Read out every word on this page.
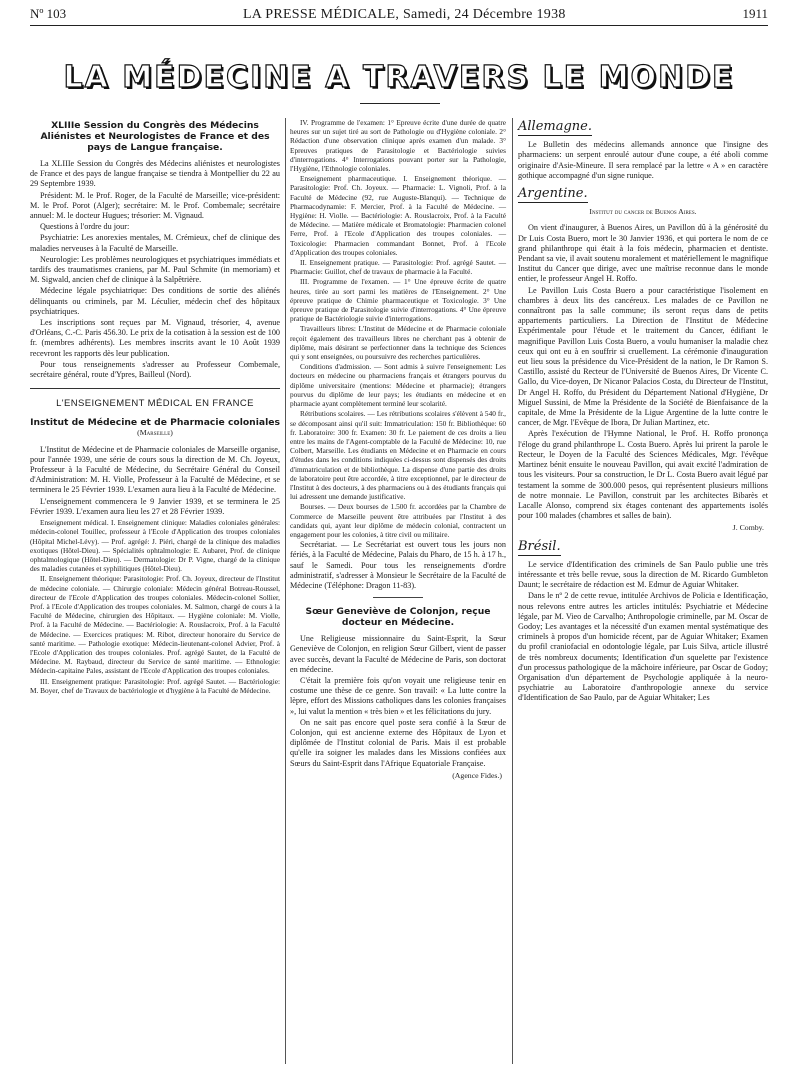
Nº 103	LA PRESSE MÉDICALE, Samedi, 24 Décembre 1938	1911
LA MÉDECINE A TRAVERS LE MONDE
XLIIIe Session du Congrès des Médecins Aliénistes et Neurologistes de France et des pays de Langue française.

La XLIIIe Session du Congrès des Médecins aliénistes et neurologistes de France et des pays de langue française se tiendra à Montpellier du 22 au 29 Septembre 1939.

Président: M. le Prof. Roger, de la Faculté de Marseille; vice-président: M. le Prof. Porot (Alger); secrétaire: M. le Prof. Combemale; secrétaire annuel: M. le docteur Hugues; trésorier: M. Vignaud.

Questions à l'ordre du jour:

Psychiatrie: Les anorexies mentales, M. Crémieux, chef de clinique des maladies nerveuses à la Faculté de Marseille.

Neurologie: Les problèmes neurologiques et psychiatriques immédiats et tardifs des traumatismes craniens, par M. Paul Schmite (in memoriam) et M. Sigwald, ancien chef de clinique à la Salpêtrière.

Médecine légale psychiatrique: Des conditions de sortie des aliénés délinquants ou criminels, par M. Léculier, médecin chef des hôpitaux psychiatriques.

Les inscriptions sont reçues par M. Vignaud, trésorier, 4, avenue d'Orléans, C.-C. Paris 456.30. Le prix de la cotisation à la session est de 100 fr. (membres adhérents). Les membres inscrits avant le 10 Août 1939 recevront les rapports dès leur publication.

Pour tous renseignements s'adresser au Professeur Combemale, secrétaire général, route d'Ypres, Bailleul (Nord).

L'ENSEIGNEMENT MÉDICAL EN FRANCE
Institut de Médecine et de Pharmacie coloniales
(Marseille)

L'Institut de Médecine et de Pharmacie coloniales de Marseille organise, pour l'année 1939, une série de cours sous la direction de M. Ch. Joyeux, Professeur à la Faculté de Médecine, du Secrétaire Général du Conseil d'Administration: M. H. Violle, Professeur à la Faculté de Médecine, et se terminera le 25 Février 1939. L'examen aura lieu à la Faculté de Médecine.

L'enseignement commencera le 9 Janvier 1939, et se terminera le 25 Février 1939. L'examen aura lieu les 27 et 28 Février 1939.

Enseignement médical. I. Enseignement clinique: Maladies coloniales générales: médecin-colonel Touillec, professeur à l'Ecole d'Application des troupes coloniales (Hôpital Michel-Lévy). — Prof. agrégé: J. Piéri, chargé de la clinique des maladies exotiques (Hôtel-Dieu). — Spécialités ophtalmologie: E. Aubaret, Prof. de clinique ophtalmologique (Hôtel-Dieu). — Dermatologie: Dr P. Vigne, chargé de la clinique des maladies cutanées et syphilitiques (Hôtel-Dieu).

II. Enseignement théorique: Parasitologie: Prof. Ch. Joyeux, directeur de l'Institut de médecine coloniale. — Chirurgie coloniale: Médecin général Botreau-Roussel, directeur de l'Ecole d'Application des troupes coloniales. Médecin-colonel Sollier, Prof. à l'Ecole d'Application des troupes coloniales. M. Salmon, chargé de cours à la Faculté de Médecine, chirurgien des Hôpitaux. — Hygiène coloniale: M. Violle, Prof. à la Faculté de Médecine. — Bactériologie: A. Rouslacroix, Prof. à la Faculté de Médecine. — Exercices pratiques: M. Ribot, directeur honoraire du Service de santé maritime. — Pathologie exotique: Médecin-lieutenant-colonel Advier, Prof. à l'Ecole d'Application des troupes coloniales. Prof. agrégé Sautet, de la Faculté de Médecine. M. Raybaud, directeur du Service de santé maritime. — Ethnologie: Médecin-capitaine Pales, assistant de l'Ecole d'Application des troupes coloniales.

III. Enseignement pratique: Parasitologie: Prof. agrégé Sautet. — Bactériologie: M. Boyer, chef de Travaux de bactériologie et d'hygiène à la Faculté de Médecine.

IV. Programme de l'examen: 1° Epreuve écrite d'une durée de quatre heures sur un sujet tiré au sort de Pathologie ou d'Hygiène coloniale. 2° Rédaction d'une observation clinique après examen d'un malade. 3° Epreuves pratiques de Parasitologie et Bactériologie suivies d'interrogations. 4° Interrogations pouvant porter sur la Pathologie, l'Hygiène, l'Ethnologie coloniales.

Enseignement pharmaceutique. I. Enseignement théorique. — Parasitologie: Prof. Ch. Joyeux. — Pharmacie: L. Vignoli, Prof. à la Faculté de Médecine (92, rue Auguste-Blanqui). — Technique de Pharmacodynamie: F. Mercier, Prof. à la Faculté de Médecine. — Hygiène: H. Violle. — Bactériologie: A. Rouslacroix, Prof. à la Faculté de Médecine. — Matière médicale et Bromatologie: Pharmacien colonel Ferre, Prof. à l'Ecole d'Application des troupes coloniales. — Toxicologie: Pharmacien commandant Bonnet, Prof. à l'Ecole d'Application des troupes coloniales.

II. Enseignement pratique. — Parasitologie: Prof. agrégé Sautet. — Pharmacie: Guillot, chef de travaux de pharmacie à la Faculté.

III. Programme de l'examen. — 1° Une épreuve écrite de quatre heures, tirée au sort parmi les matières de l'Enseignement. 2° Une épreuve pratique de Chimie pharmaceutique et Toxicologie. 3° Une épreuve pratique de Parasitologie suivie d'interrogations. 4° Une épreuve pratique de Bactériologie suivie d'interrogations.

Travailleurs libres: L'Institut de Médecine et de Pharmacie coloniale reçoit également des travailleurs libres ne cherchant pas à obtenir de diplôme, mais désirant se perfectionner dans la technique des Sciences qui y sont enseignées, ou poursuivre des recherches particulières.

Conditions d'admission. — Sont admis à suivre l'enseignement: Les docteurs en médecine ou pharmaciens français et étrangers pourvus du diplôme universitaire (mentions: Médecine et pharmacie); étrangers pourvus du diplôme de leur pays; les étudiants en médecine et en pharmacie ayant complètement terminé leur scolarité.

Rétributions scolaires. — Les rétributions scolaires s'élèvent à 540 fr., se décomposant ainsi qu'il suit: Immatriculation: 150 fr. Bibliothèque: 60 fr. Laboratoire: 300 fr. Examen: 30 fr. Le paiement de ces droits a lieu entre les mains de l'Agent-comptable de la Faculté de Médecine: 10, rue Colbert, Marseille. Les étudiants en Médecine et en Pharmacie en cours d'études dans les conditions indiquées ci-dessus sont dispensés des droits d'immatriculation et de bibliothèque. La dispense d'une partie des droits de laboratoire peut être accordée, à titre exceptionnel, par le directeur de l'Institut à des docteurs, à des pharmaciens ou à des étudiants français qui lui adressent une demande justificative.

Bourses. — Deux bourses de 1.500 fr. accordées par la Chambre de Commerce de Marseille peuvent être attribuées par l'Institut à des candidats qui, ayant leur diplôme de médecin colonial, contractent un engagement pour les colonies, à titre civil ou militaire.

Secrétariat. — Le Secrétariat est ouvert tous les jours non fériés, à la Faculté de Médecine, Palais du Pharo, de 15 h. à 17 h., sauf le Samedi. Pour tous les renseignements d'ordre administratif, s'adresser à Monsieur le Secrétaire de la Faculté de Médecine (Téléphone: Dragon 11-83).

Sœur Geneviève de Colonjon, reçue docteur en Médecine.

Une Religieuse missionnaire du Saint-Esprit, la Sœur Geneviève de Colonjon, en religion Sœur Gilbert, vient de passer avec succès, devant la Faculté de Médecine de Paris, son doctorat en médecine.

C'était la première fois qu'on voyait une religieuse tenir en costume une thèse de ce genre. Son travail: « La lutte contre la lèpre, effort des Missions catholiques dans les colonies françaises », lui valut la mention « très bien » et les félicitations du jury.

On ne sait pas encore quel poste sera confié à la Sœur de Colonjon, qui est ancienne externe des Hôpitaux de Lyon et diplômée de l'Institut colonial de Paris. Mais il est probable qu'elle ira soigner les malades dans les Missions confiées aux Sœurs du Saint-Esprit dans l'Afrique Equatoriale Française.

(Agence Fides.)
Allemagne.

Le Bulletin des médecins allemands annonce que l'insigne des pharmaciens: un serpent enroulé autour d'une coupe, a été aboli comme originaire d'Asie-Mineure. Il sera remplacé par la lettre « A » en caractère gothique accompagné d'un signe runique.

Argentine.
Institut du cancer de Buenos Aires.

On vient d'inaugurer, à Buenos Aires, un Pavillon dû à la générosité du Dr Luis Costa Buero, mort le 30 Janvier 1936, et qui portera le nom de ce grand philanthrope qui était à la fois médecin, pharmacien et dentiste. Pendant sa vie, il avait soutenu moralement et matériellement le magnifique Institut du Cancer que dirige, avec une maîtrise reconnue dans le monde entier, le professeur Angel H. Roffo.

Le Pavillon Luis Costa Buero a pour caractéristique l'isolement en chambres à deux lits des cancéreux. Les malades de ce Pavillon ne connaîtront pas la salle commune; ils seront reçus dans de petits appartements particuliers. La Direction de l'Institut de Médecine Expérimentale pour l'étude et le traitement du Cancer, édifiant le magnifique Pavillon Luis Costa Buero, a voulu humaniser la maladie chez ceux qui ont eu à en souffrir si cruellement. La cérémonie d'inauguration eut lieu sous la présidence du Vice-Président de la nation, le Dr Ramon S. Castillo, assisté du Recteur de l'Université de Buenos Aires, Dr Vicente C. Gallo, du Vice-doyen, Dr Nicanor Palacios Costa, du Directeur de l'Institut, Dr Angel H. Roffo, du Président du Département National d'Hygiène, Dr Miguel Sussini, de Mme la Présidente de la Société de Bienfaisance de la capitale, de Mme la Présidente de la Ligue Argentine de la lutte contre le cancer, de Mgr. l'Evêque de Ibora, Dr Julian Martinez, etc.

Après l'exécution de l'Hymne National, le Prof. H. Roffo prononça l'éloge du grand philanthrope L. Costa Buero. Après lui prirent la parole le Recteur, le Doyen de la Faculté des Sciences Médicales, Mgr. l'évêque Martinez bénit ensuite le nouveau Pavillon, qui avait excité l'admiration de tous les visiteurs. Pour sa construction, le Dr L. Costa Buero avait légué par testament la somme de 300.000 pesos, qui représentent plusieurs millions de notre monnaie. Le Pavillon, construit par les architectes Bibarès et Lacalle Alonso, comprend six étages contenant des appartements isolés pour 100 malades (chambres et salles de bain).

J. Comby.
Brésil.

Le service d'Identification des criminels de San Paulo publie une très intéressante et très belle revue, sous la direction de M. Ricardo Gumbleton Daunt; le secrétaire de rédaction est M. Edmur de Aguiar Whitaker.

Dans le nº 2 de cette revue, intitulée Archivos de Policia e Identificação, nous relevons entre autres les articles intitulés: Psychiatrie et Médecine légale, par M. Vieo de Carvalho; Anthropologie criminelle, par M. Oscar de Godoy; Les avantages et la nécessité d'un examen mental systématique des criminels à propos d'un homicide récent, par de Aguiar Whitaker; Examen du profil craniofacial en odontologie légale, par Luis Silva, article illustré de très nombreux documents; Identification d'un squelette par l'existence d'un processus pathologique de la mâchoire inférieure, par Oscar de Godoy; Organisation d'un département de Psychologie appliquée à la neuro-psychiatrie au Laboratoire d'anthropologie annexe du service d'Identification de Sao Paulo, par de Aguiar Whitaker; Les
